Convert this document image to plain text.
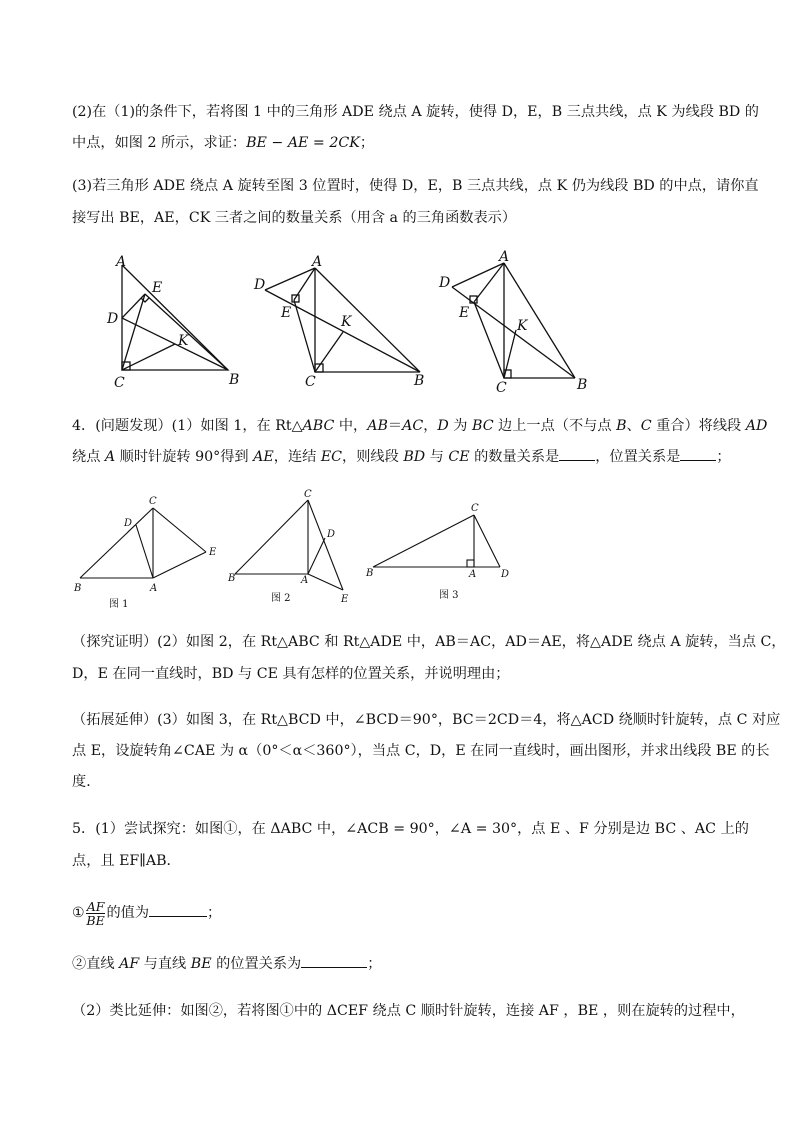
(2)在（1)的条件下，若将图 1 中的三角形 ADE 绕点 A 旋转，使得 D，E，B 三点共线，点 K 为线段 BD 的
中点，如图 2 所示，求证：BE − AE = 2CK；
(3)若三角形 ADE 绕点 A 旋转至图 3 位置时，使得 D，E，B 三点共线，点 K 仍为线段 BD 的中点，请你直
接写出 BE，AE，CK 三者之间的数量关系（用含 a 的三角函数表示）
A
E
D
K
C	B
D
A
E
K
C	B
A
D
E
K
C	B
4．(问题发现）(1）如图 1，在 Rt△ABC 中，AB＝AC，D 为 BC 边上一点（不与点 B、C 重合）将线段 AD
绕点 A 顺时针旋转 90°得到 AE，连结 EC，则线段 BD 与 CE 的数量关系是	，位置关系是	；
C
D
E
B	A
C
D
B	A
E
C
B	A D
图 1
图 2	图 3
（探究证明）(2）如图 2，在 Rt△ABC 和 Rt△ADE 中，AB＝AC，AD＝AE，将△ADE 绕点 A 旋转，当点 C，
D，E 在同一直线时，BD 与 CE 具有怎样的位置关系，并说明理由；
（拓展延伸）(3）如图 3，在 Rt△BCD 中，∠BCD＝90°，BC＝2CD＝4，将△ACD 绕顺时针旋转，点 C 对应
点 E，设旋转角∠CAE 为 α（0°＜α＜360°），当点 C，D，E 在同一直线时，画出图形，并求出线段 BE 的长
度．
5．(1）尝试探究：如图①，在 ΔABC 中，∠ACB = 90°，∠A = 30°，点 E 、F 分别是边 BC 、AC 上的
点，且 EF∥AB．
① $\frac{AF}{BE}$ 的值为	；
②直线 AF 与直线 BE 的位置关系为	；
（2）类比延伸：如图②，若将图①中的 ΔCEF 绕点 C 顺时针旋转，连接 AF ，BE ，则在旋转的过程中，
